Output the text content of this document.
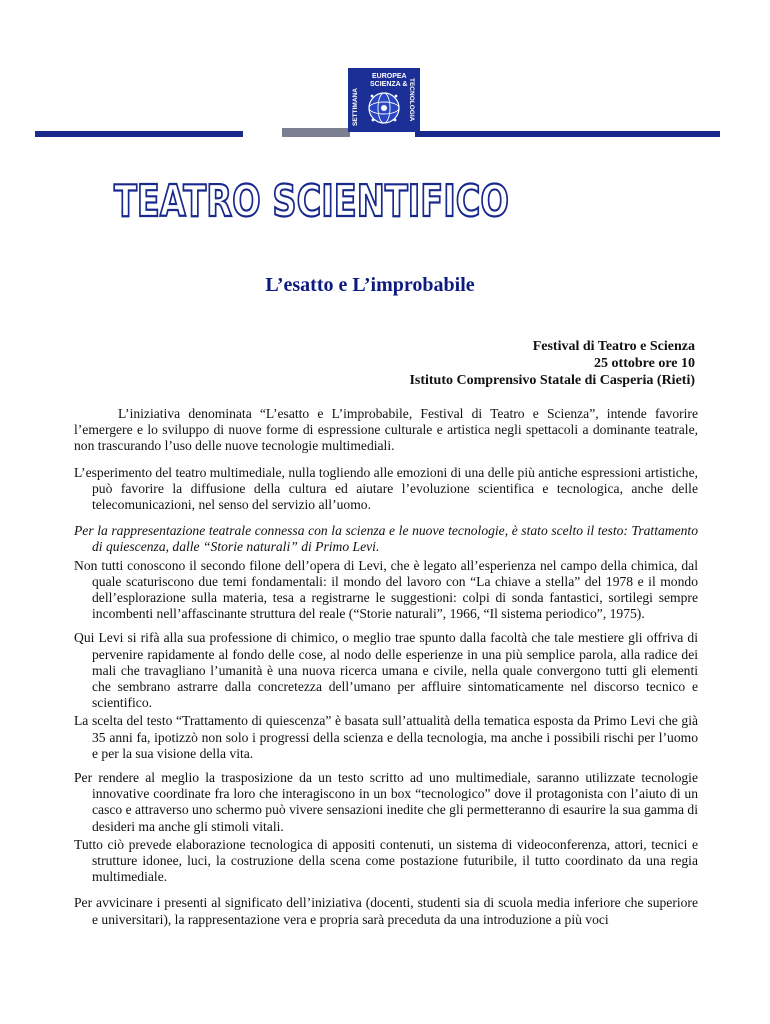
EUROPEA
SCIENZA &
SETTIMANA	TECNOLOGIA
TEATRO SCIENTIFICO
L’esatto e L’improbabile
Festival di Teatro e Scienza
25 ottobre ore 10
Istituto Comprensivo Statale di Casperia (Rieti)

L’iniziativa denominata “L’esatto e L’improbabile, Festival di Teatro e Scienza”, intende favorire l’emergere e lo sviluppo di nuove forme di espressione culturale e artistica negli spettacoli a dominante teatrale, non trascurando l’uso delle nuove tecnologie multimediali.

L’esperimento del teatro multimediale, nulla togliendo alle emozioni di una delle più antiche espressioni artistiche, può favorire la diffusione della cultura ed aiutare l’evoluzione scientifica e tecnologica, anche delle telecomunicazioni, nel senso del servizio all’uomo.

Per la rappresentazione teatrale connessa con la scienza e le nuove tecnologie, è stato scelto il testo: Trattamento di quiescenza, dalle “Storie naturali” di Primo Levi.

Non tutti conoscono il secondo filone dell’opera di Levi, che è legato all’esperienza nel campo della chimica, dal quale scaturiscono due temi fondamentali: il mondo del lavoro con “La chiave a stella” del 1978 e il mondo dell’esplorazione sulla materia, tesa a registrarne le suggestioni: colpi di sonda fantastici, sortilegi sempre incombenti nell’affascinante struttura del reale (“Storie naturali”, 1966, “Il sistema periodico”, 1975).

Qui Levi si rifà alla sua professione di chimico, o meglio trae spunto dalla facoltà che tale mestiere gli offriva di pervenire rapidamente al fondo delle cose, al nodo delle esperienze in una più semplice parola, alla radice dei mali che travagliano l’umanità è una nuova ricerca umana e civile, nella quale convergono tutti gli elementi che sembrano astrarre dalla concretezza dell’umano per affluire sintomaticamente nel discorso tecnico e scientifico.

La scelta del testo “Trattamento di quiescenza” è basata sull’attualità della tematica esposta da Primo Levi che già 35 anni fa, ipotizzò non solo i progressi della scienza e della tecnologia, ma anche i possibili rischi per l’uomo e per la sua visione della vita.

Per rendere al meglio la trasposizione da un testo scritto ad uno multimediale, saranno utilizzate tecnologie innovative coordinate fra loro che interagiscono in un box “tecnologico” dove il protagonista con l’aiuto di un casco e attraverso uno schermo può vivere sensazioni inedite che gli permetteranno di esaurire la sua gamma di desideri ma anche gli stimoli vitali.

Tutto ciò prevede elaborazione tecnologica di appositi contenuti, un sistema di videoconferenza, attori, tecnici e strutture idonee, luci, la costruzione della scena come postazione futuribile, il tutto coordinato da una regia multimediale.

Per avvicinare i presenti al significato dell’iniziativa (docenti, studenti sia di scuola media inferiore che superiore e universitari), la rappresentazione vera e propria sarà preceduta da una introduzione a più voci
